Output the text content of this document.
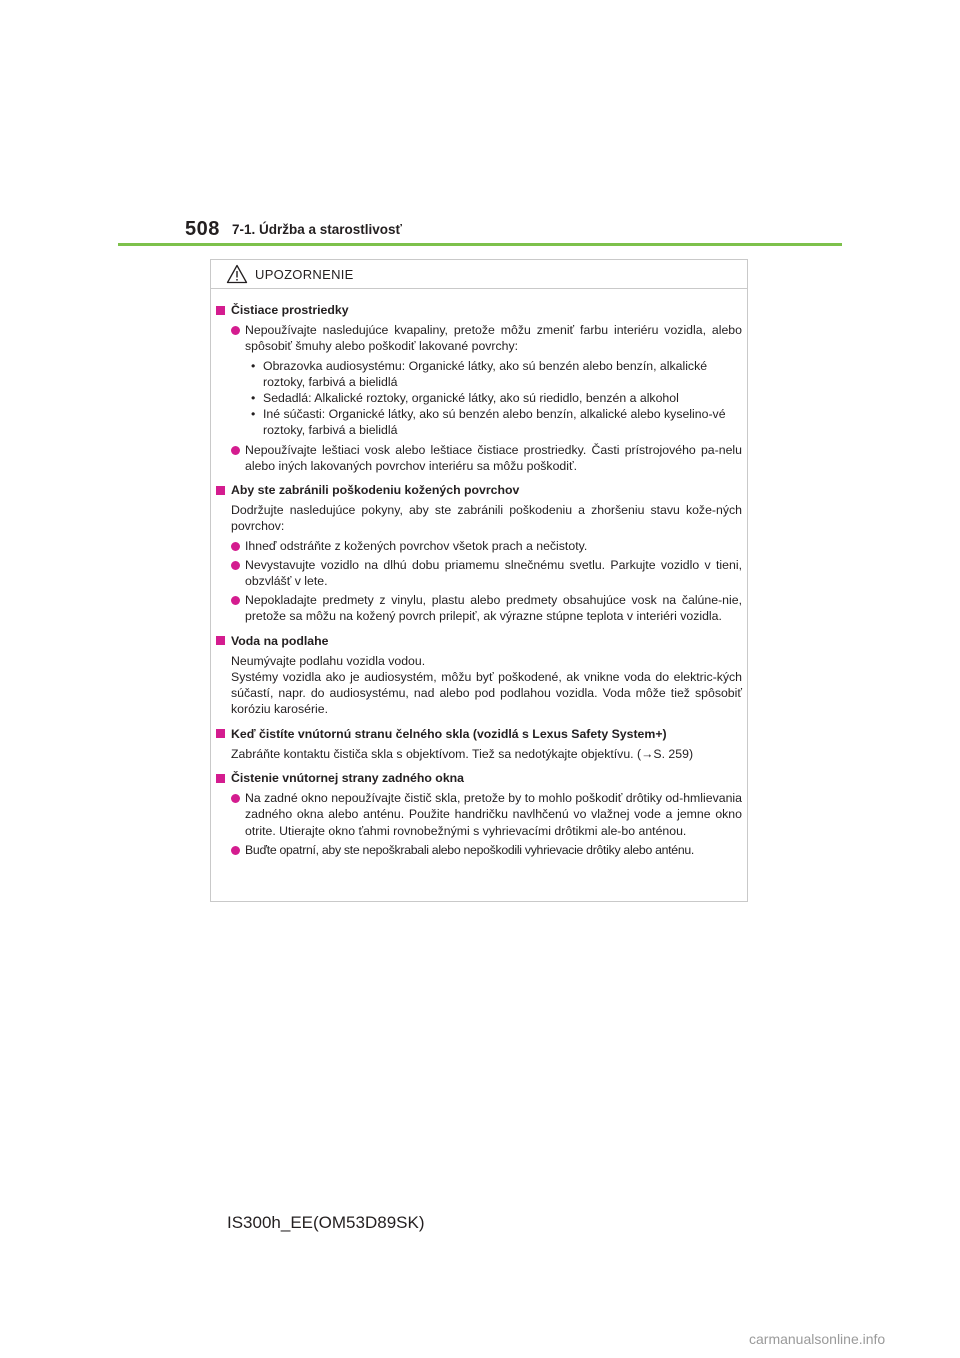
508 7-1. Údržba a starostlivosť
UPOZORNENIE
Čistiace prostriedky
Nepoužívajte nasledujúce kvapaliny, pretože môžu zmeniť farbu interiéru vozidla, alebo spôsobiť šmuhy alebo poškodiť lakované povrchy:
• Obrazovka audiosystému: Organické látky, ako sú benzén alebo benzín, alkalické roztoky, farbivá a bielidlá
• Sedadlá: Alkalické roztoky, organické látky, ako sú riedidlo, benzén a alkohol
• Iné súčasti: Organické látky, ako sú benzén alebo benzín, alkalické alebo kyselino-vé roztoky, farbivá a bielidlá
Nepoužívajte leštiaci vosk alebo leštiace čistiace prostriedky. Časti prístrojového pa-nelu alebo iných lakovaných povrchov interiéru sa môžu poškodiť.
Aby ste zabránili poškodeniu kožených povrchov
Dodržujte nasledujúce pokyny, aby ste zabránili poškodeniu a zhoršeniu stavu kože-ných povrchov:
Ihneď odstráňte z kožených povrchov všetok prach a nečistoty.
Nevystavujte vozidlo na dlhú dobu priamemu slnečnému svetlu. Parkujte vozidlo v tieni, obzvlášť v lete.
Nepokladajte predmety z vinylu, plastu alebo predmety obsahujúce vosk na čalúne-nie, pretože sa môžu na kožený povrch prilepiť, ak výrazne stúpne teplota v interiéri vozidla.
Voda na podlahe
Neumývajte podlahu vozidla vodou.
Systémy vozidla ako je audiosystém, môžu byť poškodené, ak vnikne voda do elektric-kých súčastí, napr. do audiosystému, nad alebo pod podlahou vozidla. Voda môže tiež spôsobiť koróziu karosérie.
Keď čistíte vnútornú stranu čelného skla (vozidlá s Lexus Safety System+)
Zabráňte kontaktu čističa skla s objektívom. Tiež sa nedotýkajte objektívu. (→S. 259)
Čistenie vnútornej strany zadného okna
Na zadné okno nepoužívajte čistič skla, pretože by to mohlo poškodiť drôtiky od-hmlievania zadného okna alebo anténu. Použite handričku navlhčenú vo vlažnej vode a jemne okno otrite. Utierajte okno ťahmi rovnobežnými s vyhrievacími drôtikmi ale-bo anténou.
Buďte opatrní, aby ste nepoškrabali alebo nepoškodili vyhrievacie drôtiky alebo anténu.
IS300h_EE(OM53D89SK)
carmanualsonline.info
